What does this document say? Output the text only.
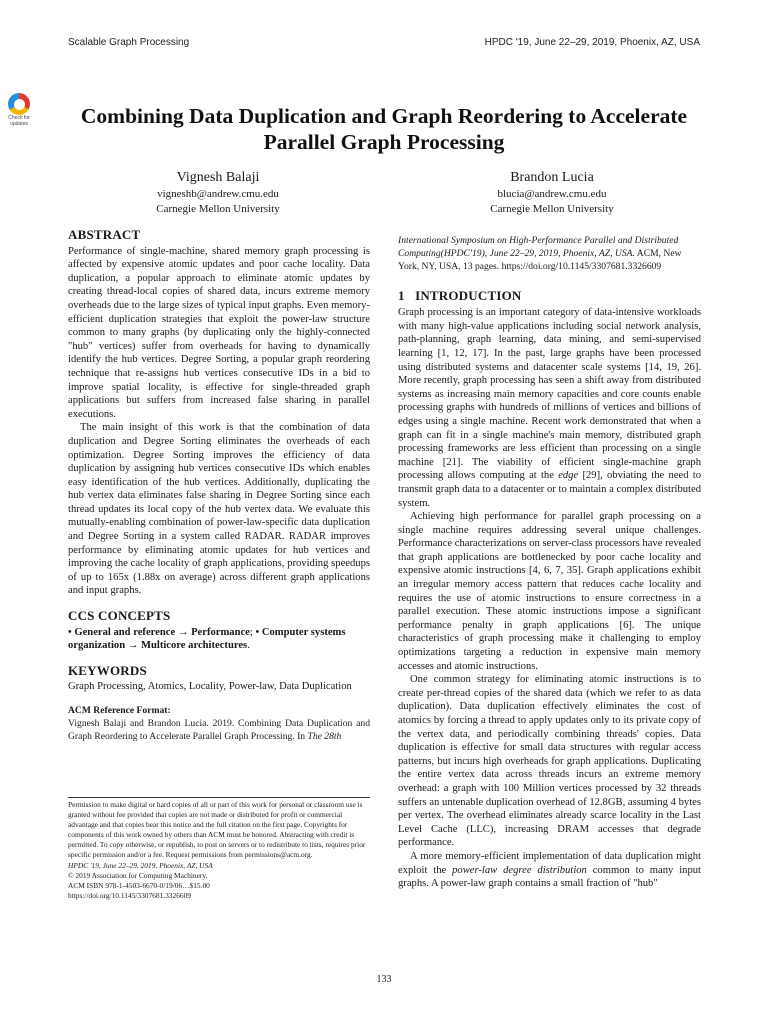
Scalable Graph Processing	HPDC '19, June 22–29, 2019, Phoenix, AZ, USA
Check for updates	Combining Data Duplication and Graph Reordering to Accelerate Parallel Graph Processing
Vignesh Balaji
vigneshb@andrew.cmu.edu
Carnegie Mellon University
Brandon Lucia
blucia@andrew.cmu.edu
Carnegie Mellon University
ABSTRACT

Performance of single-machine, shared memory graph processing is affected by expensive atomic updates and poor cache locality. Data duplication, a popular approach to eliminate atomic updates by creating thread-local copies of shared data, incurs extreme memory overheads due to the large sizes of typical input graphs. Even memory-efficient duplication strategies that exploit the power-law structure common to many graphs (by duplicating only the highly-connected "hub" vertices) suffer from overheads for having to dynamically identify the hub vertices. Degree Sorting, a popular graph reordering technique that re-assigns hub vertices consecutive IDs in a bid to improve spatial locality, is effective for single-threaded graph applications but suffers from increased false sharing in parallel executions.

The main insight of this work is that the combination of data duplication and Degree Sorting eliminates the overheads of each optimization. Degree Sorting improves the efficiency of data duplication by assigning hub vertices consecutive IDs which enables easy identification of the hub vertices. Additionally, duplicating the hub vertex data eliminates false sharing in Degree Sorting since each thread updates its local copy of the hub vertex data. We evaluate this mutually-enabling combination of power-law-specific data duplication and Degree Sorting in a system called RADAR. RADAR improves performance by eliminating atomic updates for hub vertices and improving the cache locality of graph applications, providing speedups of up to 165x (1.88x on average) across different graph applications and input graphs.

CCS CONCEPTS

• General and reference → Performance; • Computer systems organization → Multicore architectures.

KEYWORDS

Graph Processing, Atomics, Locality, Power-law, Data Duplication

ACM Reference Format:

Vignesh Balaji and Brandon Lucia. 2019. Combining Data Duplication and Graph Reordering to Accelerate Parallel Graph Processing. In The 28th

Permission to make digital or hard copies of all or part of this work for personal or classroom use is granted without fee provided that copies are not made or distributed for profit or commercial advantage and that copies bear this notice and the full citation on the first page. Copyrights for components of this work owned by others than ACM must be honored. Abstracting with credit is permitted. To copy otherwise, or republish, to post on servers or to redistribute to lists, requires prior specific permission and/or a fee. Request permissions from permissions@acm.org.
HPDC '19, June 22–29, 2019, Phoenix, AZ, USA
© 2019 Association for Computing Machinery.
ACM ISBN 978-1-4503-6670-0/19/06…$15.00
https://doi.org/10.1145/3307681.3326609

International Symposium on High-Performance Parallel and Distributed Computing(HPDC'19), June 22–29, 2019, Phoenix, AZ, USA. ACM, New York, NY, USA, 13 pages. https://doi.org/10.1145/3307681.3326609

1 INTRODUCTION

Graph processing is an important category of data-intensive workloads with many high-value applications including social network analysis, path-planning, graph learning, data mining, and semi-supervised learning [1, 12, 17]. In the past, large graphs have been processed using distributed systems and datacenter scale systems [14, 19, 26]. More recently, graph processing has seen a shift away from distributed systems as increasing main memory capacities and core counts enable processing graphs with hundreds of millions of vertices and billions of edges using a single machine. Recent work demonstrated that when a graph can fit in a single machine's main memory, distributed graph processing frameworks are less efficient than processing on a single machine [21]. The viability of efficient single-machine graph processing allows computing at the edge [29], obviating the need to transmit graph data to a datacenter or to maintain a complex distributed system.

Achieving high performance for parallel graph processing on a single machine requires addressing several unique challenges. Performance characterizations on server-class processors have revealed that graph applications are bottlenecked by poor cache locality and expensive atomic instructions [4, 6, 7, 35]. Graph applications exhibit an irregular memory access pattern that reduces cache locality and requires the use of atomic instructions to ensure correctness in a parallel execution. These atomic instructions impose a significant performance penalty in graph applications [6]. The unique characteristics of graph processing make it challenging to employ optimizations targeting a reduction in expensive main memory accesses and atomic instructions.

One common strategy for eliminating atomic instructions is to create per-thread copies of the shared data (which we refer to as data duplication). Data duplication effectively eliminates the cost of atomics by forcing a thread to apply updates only to its private copy of the vertex data, and periodically combining threads' copies. Data duplication is effective for small data structures with regular access patterns, but incurs high overheads for graph applications. Duplicating the entire vertex data across threads incurs an extreme memory overhead: a graph with 100 Million vertices processed by 32 threads suffers an untenable duplication overhead of 12.8GB, assuming 4 bytes per vertex. The overhead eliminates already scarce locality in the Last Level Cache (LLC), increasing DRAM accesses that degrade performance.

A more memory-efficient implementation of data duplication might exploit the power-law degree distribution common to many input graphs. A power-law graph contains a small fraction of "hub"

133
